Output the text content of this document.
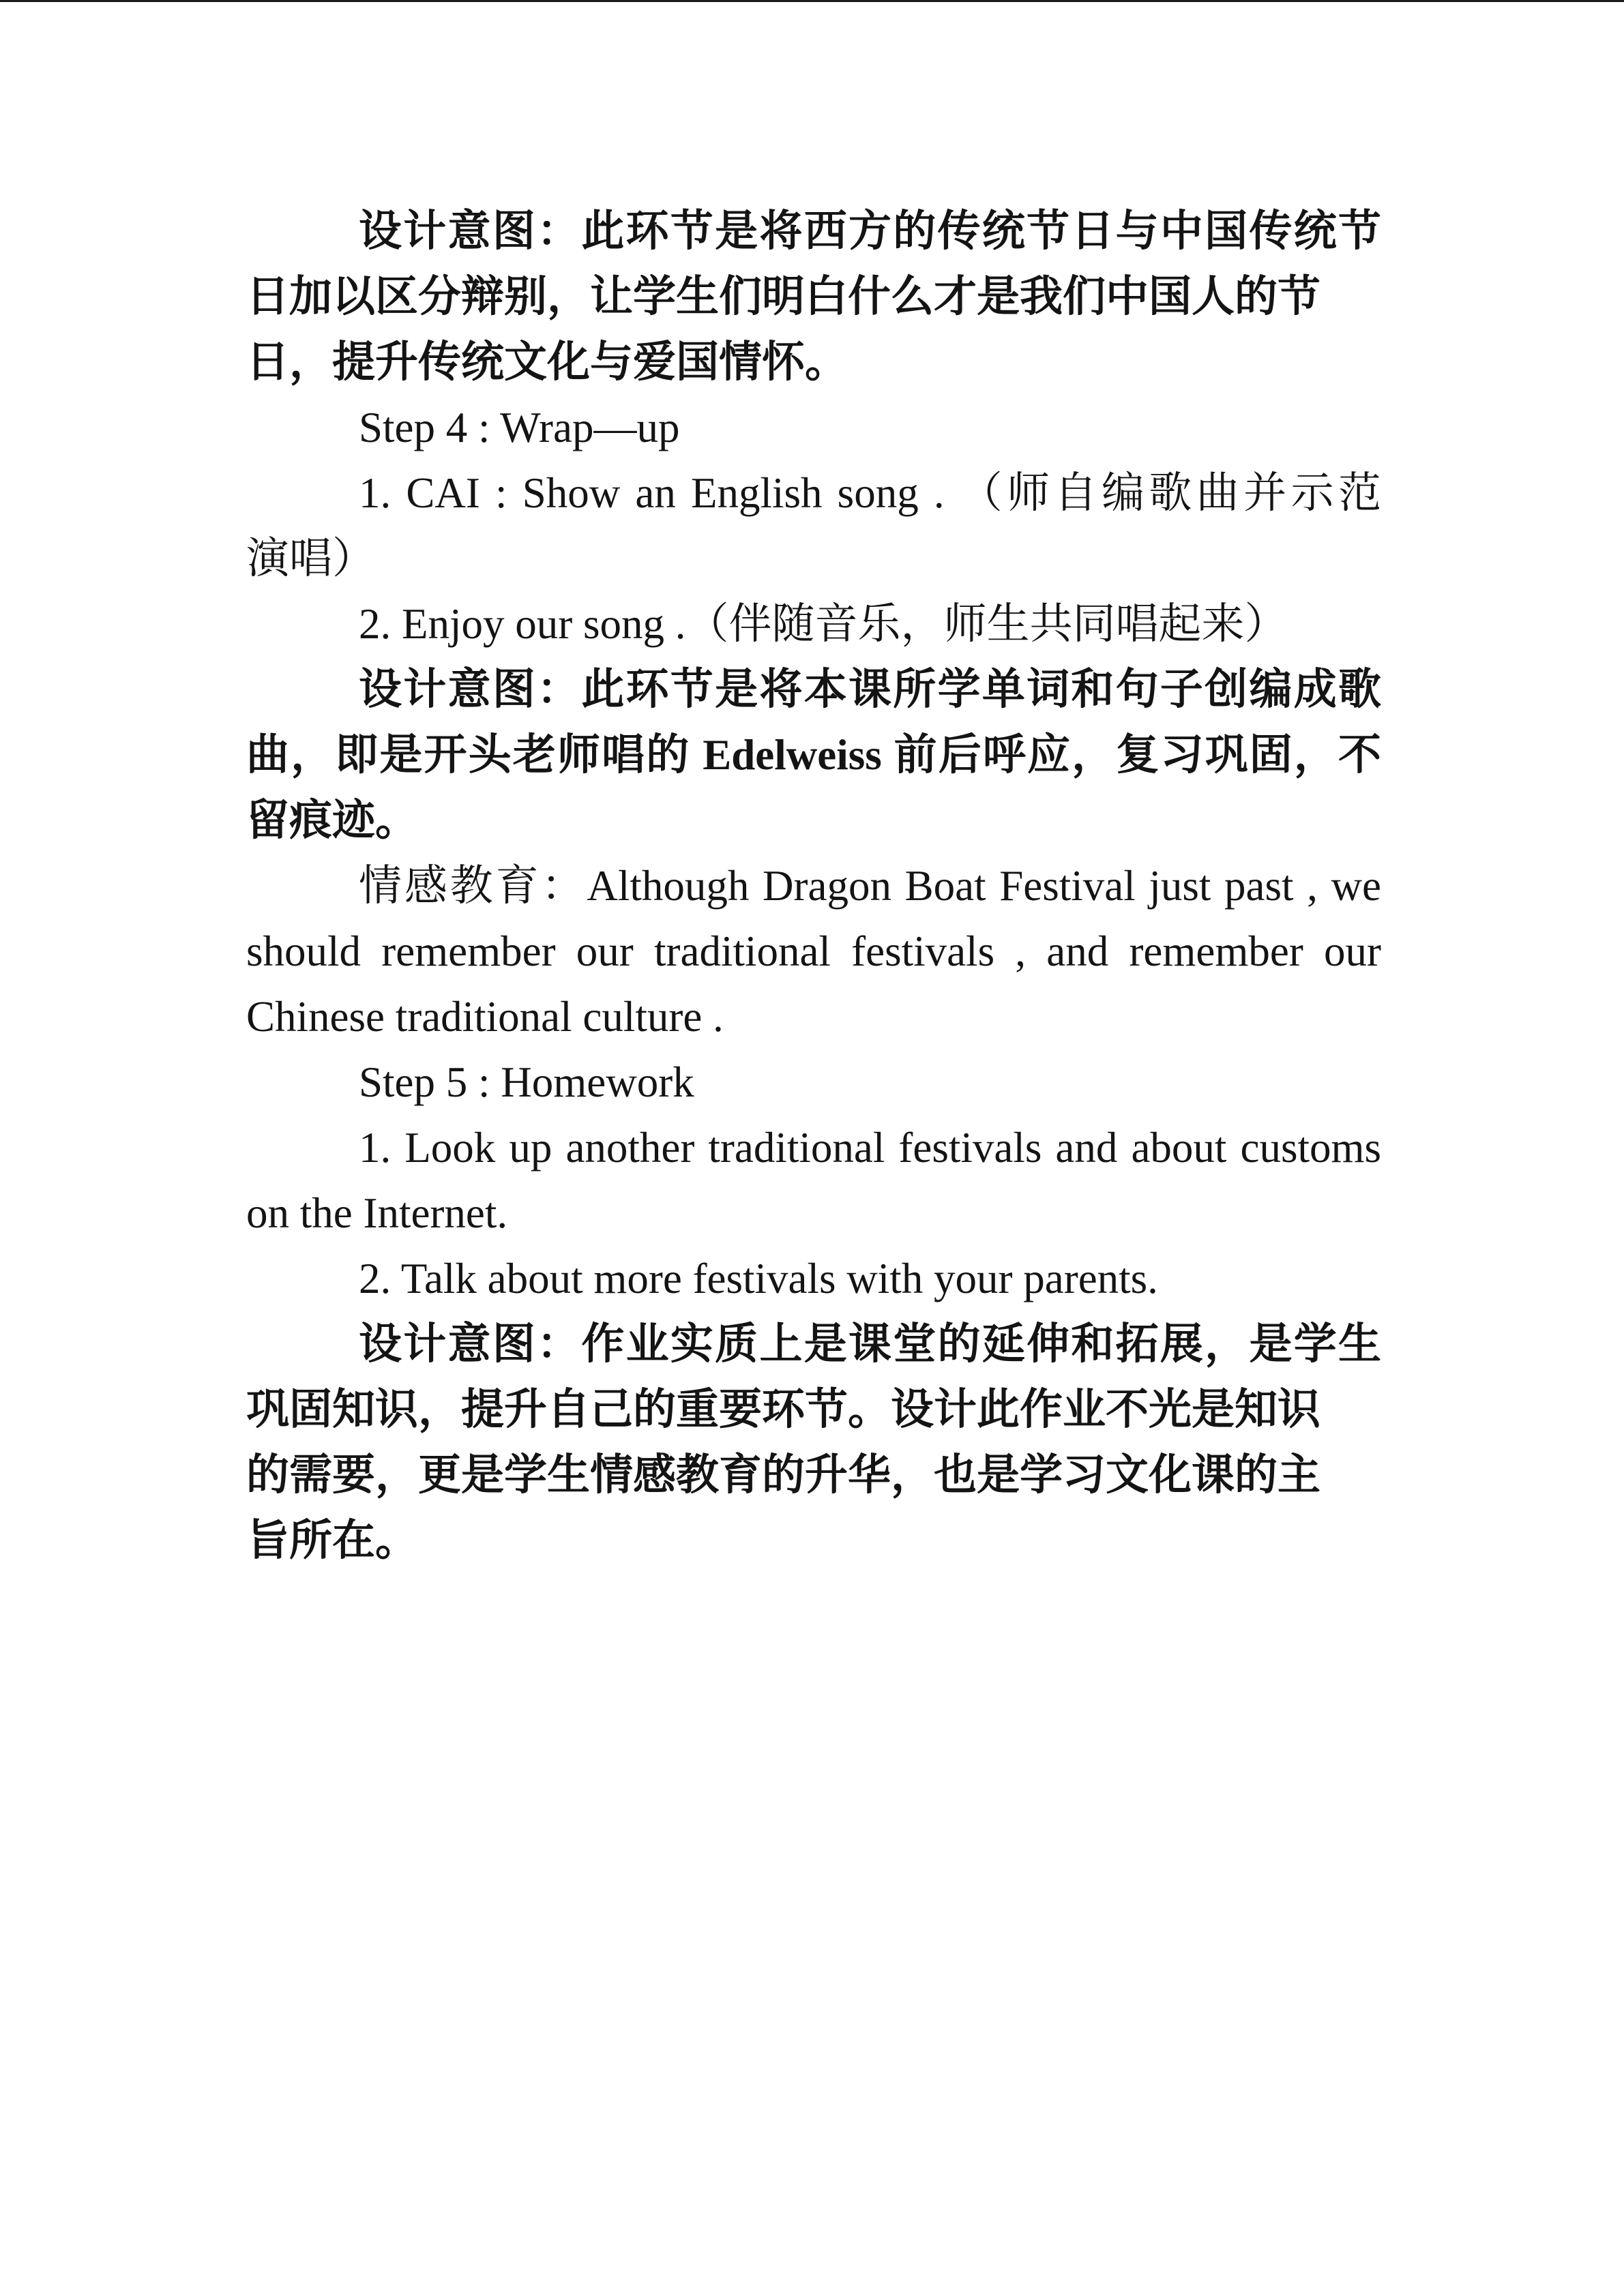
设计意图：此环节是将西方的传统节日与中国传统节
日加以区分辩别，让学生们明白什么才是我们中国人的节
日，提升传统文化与爱国情怀。
Step 4 : Wrap—up
1. CAI : Show an English song . （师自编歌曲并示范
演唱）
2. Enjoy our song .（伴随音乐，师生共同唱起来）
设计意图：此环节是将本课所学单词和句子创编成歌
曲，即是开头老师唱的 Edelweiss 前后呼应，复习巩固，不
留痕迹。
情感教育：Although Dragon Boat Festival just past , we
should remember our traditional festivals , and remember our
Chinese traditional culture .
Step 5 : Homework
1. Look up another traditional festivals and about customs
on the Internet.
2. Talk about more festivals with your parents.
设计意图：作业实质上是课堂的延伸和拓展，是学生
巩固知识，提升自己的重要环节。设计此作业不光是知识
的需要，更是学生情感教育的升华，也是学习文化课的主
旨所在。
